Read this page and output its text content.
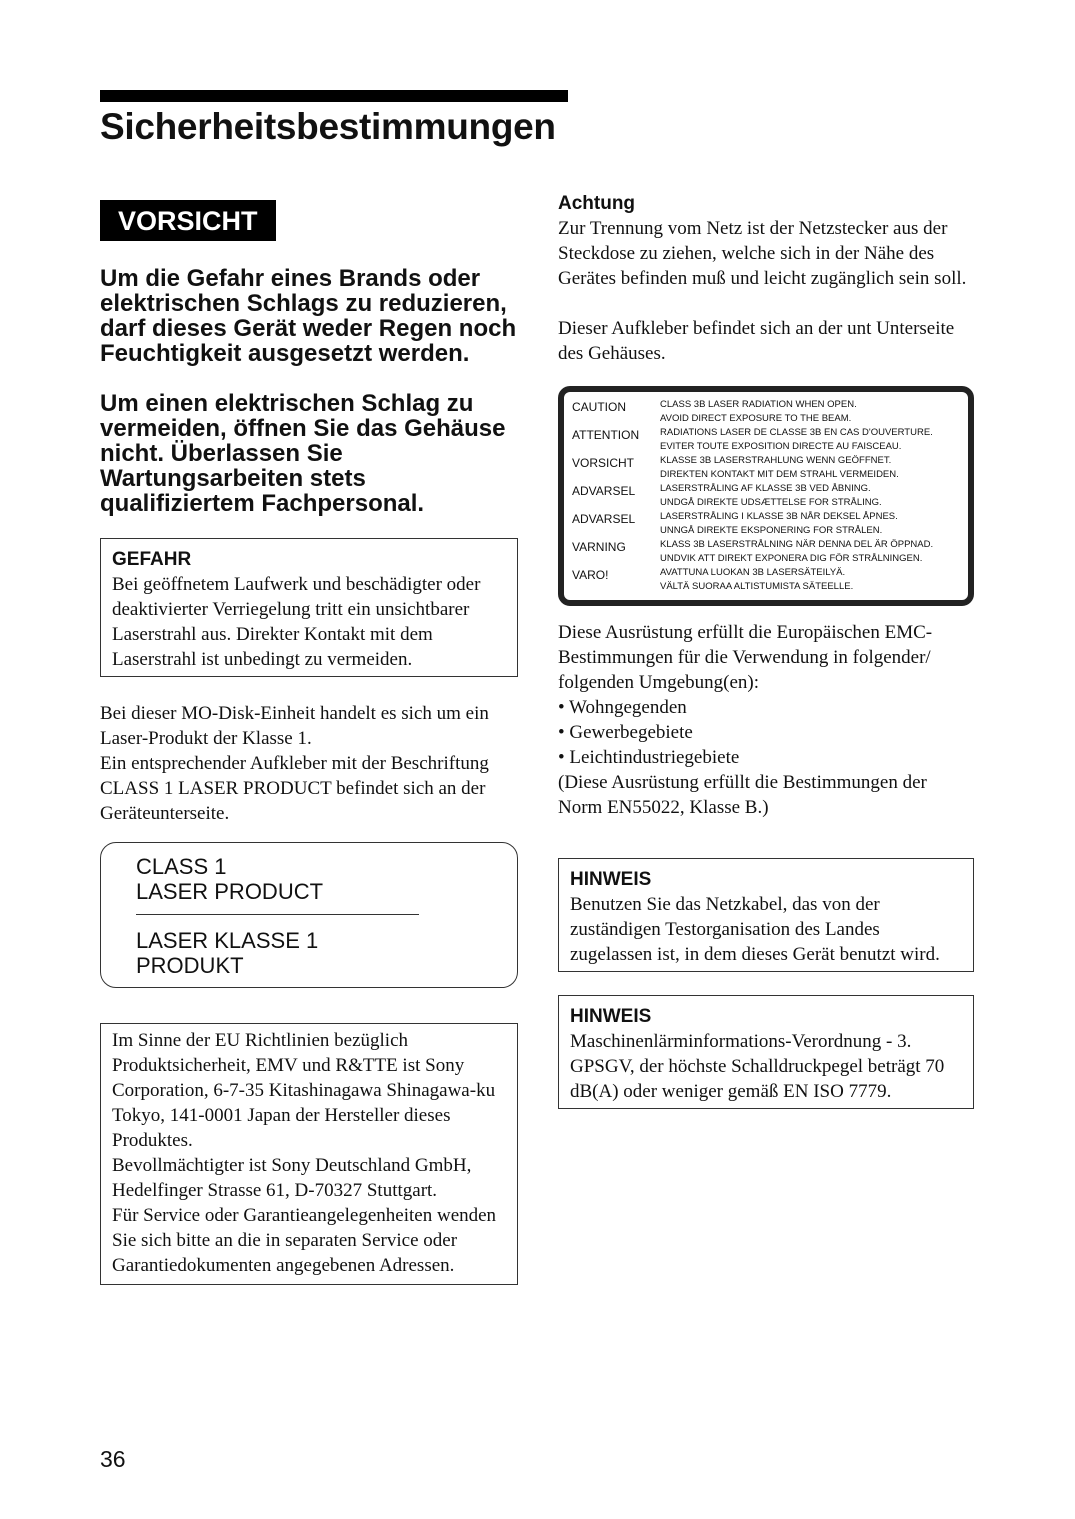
Sicherheitsbestimmungen
VORSICHT

Um die Gefahr eines Brands oder elektrischen Schlags zu reduzieren, darf dieses Gerät weder Regen noch Feuchtigkeit ausgesetzt werden.

Um einen elektrischen Schlag zu vermeiden, öffnen Sie das Gehäuse nicht. Überlassen Sie Wartungsarbeiten stets qualifiziertem Fachpersonal.

GEFAHR

Bei geöffnetem Laufwerk und beschädigter oder deaktivierter Verriegelung tritt ein unsichtbarer Laserstrahl aus. Direkter Kontakt mit dem Laserstrahl ist unbedingt zu vermeiden.

Bei dieser MO-Disk-Einheit handelt es sich um ein Laser-Produkt der Klasse 1.

Ein entsprechender Aufkleber mit der Beschriftung CLASS 1 LASER PRODUCT befindet sich an der Geräteunterseite.

CLASS 1
LASER PRODUCT
LASER KLASSE 1
PRODUKT

Im Sinne der EU Richtlinien bezüglich Produktsicherheit, EMV und R&TTE ist Sony Corporation, 6-7-35 Kitashinagawa Shinagawa-ku Tokyo, 141-0001 Japan der Hersteller dieses Produktes.

Bevollmächtigter ist Sony Deutschland GmbH, Hedelfinger Strasse 61, D-70327 Stuttgart.

Für Service oder Garantieangelegenheiten wenden Sie sich bitte an die in separaten Service oder Garantiedokumenten angegebenen Adressen.

Achtung

Zur Trennung vom Netz ist der Netzstecker aus der Steckdose zu ziehen, welche sich in der Nähe des Gerätes befinden muß und leicht zugänglich sein soll.

Dieser Aufkleber befindet sich an der unt Unterseite des Gehäuses.

CAUTION	CLASS 3B LASER RADIATION WHEN OPEN.
AVOID DIRECT EXPOSURE TO THE BEAM.
ATTENTION	RADIATIONS LASER DE CLASSE 3B EN CAS D'OUVERTURE.
EVITER TOUTE EXPOSITION DIRECTE AU FAISCEAU.
VORSICHT	KLASSE 3B LASERSTRAHLUNG WENN GEÖFFNET.
DIREKTEN KONTAKT MIT DEM STRAHL VERMEIDEN.
ADVARSEL	LASERSTRÅLING AF KLASSE 3B VED ÅBNING.
UNDGÅ DIREKTE UDSÆTTELSE FOR STRÅLING.
ADVARSEL	LASERSTRÅLING I KLASSE 3B NÅR DEKSEL ÅPNES.
UNNGÅ DIREKTE EKSPONERING FOR STRÅLEN.
VARNING	KLASS 3B LASERSTRÅLNING NÄR DENNA DEL ÄR ÖPPNAD.
UNDVIK ATT DIREKT EXPONERA DIG FÖR STRÅLNINGEN.
VARO!	AVATTUNA LUOKAN 3B LASERSÄTEILYÄ.
VÄLTÄ SUORAA ALTISTUMISTA SÄTEELLE.

Diese Ausrüstung erfüllt die Europäischen EMC-Bestimmungen für die Verwendung in folgender/ folgenden Umgebung(en):

• Wohngegenden

• Gewerbegebiete

• Leichtindustriegebiete

(Diese Ausrüstung erfüllt die Bestimmungen der Norm EN55022, Klasse B.)

HINWEIS

Benutzen Sie das Netzkabel, das von der zuständigen Testorganisation des Landes zugelassen ist, in dem dieses Gerät benutzt wird.

HINWEIS

Maschinenlärminformations-Verordnung - 3. GPSGV, der höchste Schalldruckpegel beträgt 70 dB(A) oder weniger gemäß EN ISO 7779.

36
